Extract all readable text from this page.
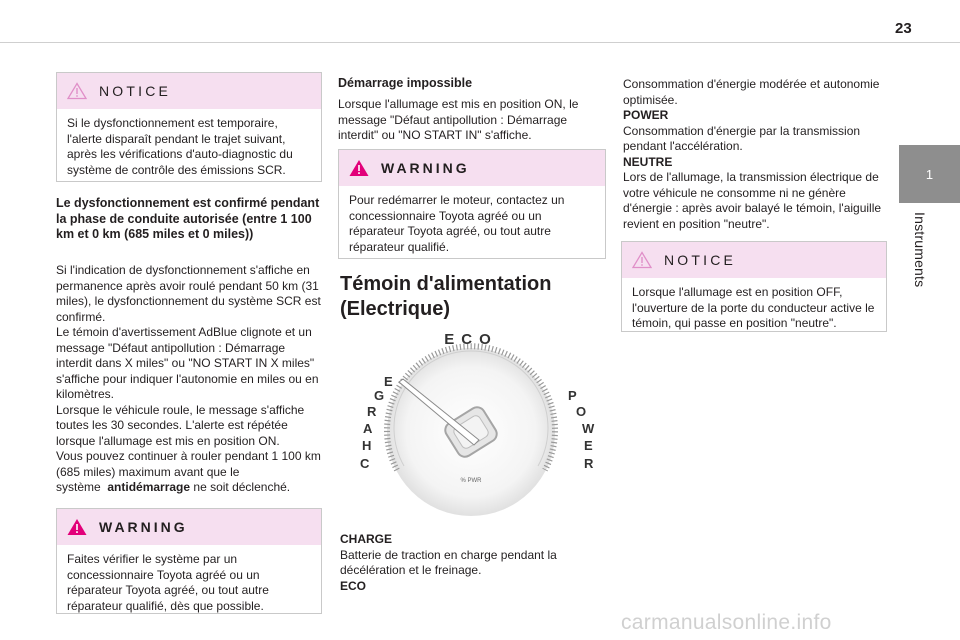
23
1
Instruments
NOTICE
Si le dysfonctionnement est temporaire, l'alerte disparaît pendant le trajet suivant, après les vérifications d'auto-diagnostic du système de contrôle des émissions SCR.
Le dysfonctionnement est confirmé pendant la phase de conduite autorisée (entre 1 100 km et 0 km (685 miles et 0 miles))

Si l'indication de dysfonctionnement s'affiche en permanence après avoir roulé pendant 50 km (31 miles), le dysfonctionnement du système SCR est confirmé.

Le témoin d'avertissement AdBlue clignote et un message "Défaut antipollution : Démarrage interdit dans X miles" ou "NO START IN X miles" s'affiche pour indiquer l'autonomie en miles ou en kilomètres.

Lorsque le véhicule roule, le message s'affiche toutes les 30 secondes. L'alerte est répétée lorsque l'allumage est mis en position ON.

Vous pouvez continuer à rouler pendant 1 100 km (685 miles) maximum avant que le système antidémarrage ne soit déclenché.

WARNING
Faites vérifier le système par un concessionnaire Toyota agréé ou un réparateur Toyota agréé, ou tout autre réparateur qualifié, dès que possible.
Démarrage impossible
Lorsque l'allumage est mis en position ON, le message "Défaut antipollution : Démarrage interdit" ou "NO START IN" s'affiche.
WARNING
Pour redémarrer le moteur, contactez un concessionnaire Toyota agréé ou un réparateur Toyota agréé, ou tout autre réparateur qualifié.
Témoin d'alimentation (Electrique)
ECO
% PWR
C
H
A
R
G
E
P
O
W
E
R

CHARGE

Batterie de traction en charge pendant la décélération et le freinage.

ECO

Consommation d'énergie modérée et autonomie optimisée.

POWER

Consommation d'énergie par la transmission pendant l'accélération.

NEUTRE

Lors de l'allumage, la transmission électrique de votre véhicule ne consomme ni ne génère d'énergie : après avoir balayé le témoin, l'aiguille revient en position "neutre".

NOTICE
Lorsque l'allumage est en position OFF, l'ouverture de la porte du conducteur active le témoin, qui passe en position "neutre".
carmanualsonline.info
